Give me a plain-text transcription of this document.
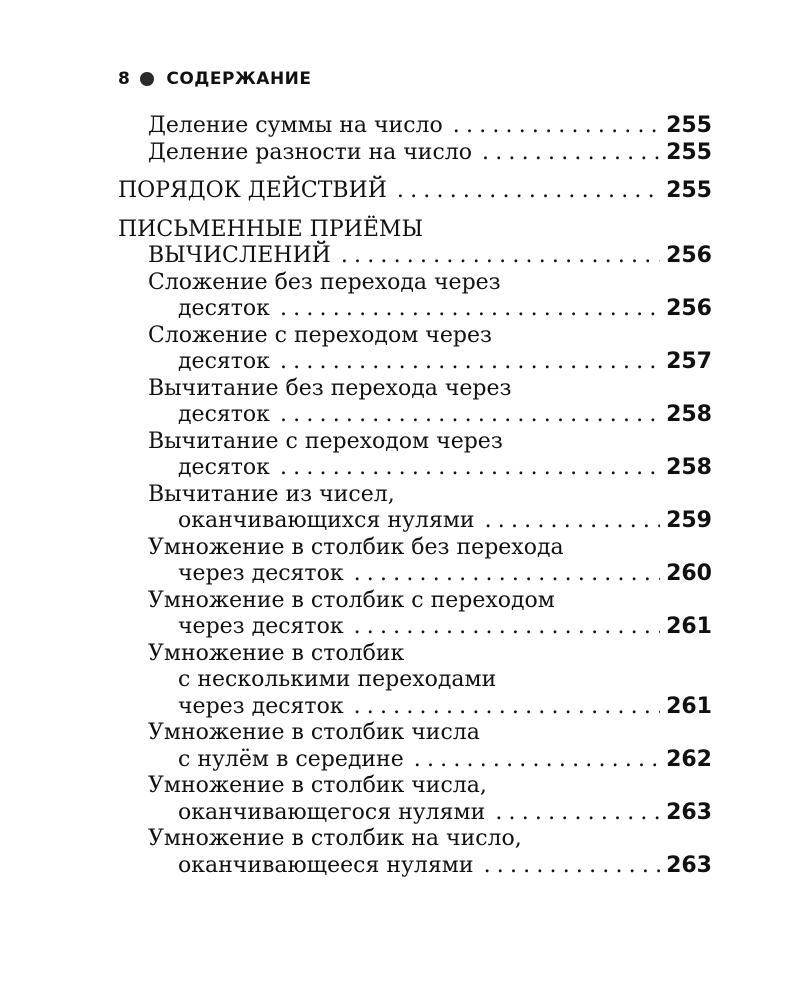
8 СОДЕРЖАНИЕ
Деление суммы на число .....	255
Деление разности на число .....	255
ПОРЯДОК ДЕЙСТВИЙ .....	255
ПИСЬМЕННЫЕ ПРИЁМЫ
ВЫЧИСЛЕНИЙ .....	256
Сложение без перехода через
десяток .....	256
Сложение с переходом через
десяток .....	257
Вычитание без перехода через
десяток .....	258
Вычитание с переходом через
десяток .....	258
Вычитание из чисел,
оканчивающихся нулями .....	259
Умножение в столбик без перехода
через десяток .....	260
Умножение в столбик с переходом
через десяток .....	261
Умножение в столбик
с несколькими переходами
через десяток .....	261
Умножение в столбик числа
с нулём в середине .....	262
Умножение в столбик числа,
оканчивающегося нулями .....	263
Умножение в столбик на число,
оканчивающееся нулями .....	263
